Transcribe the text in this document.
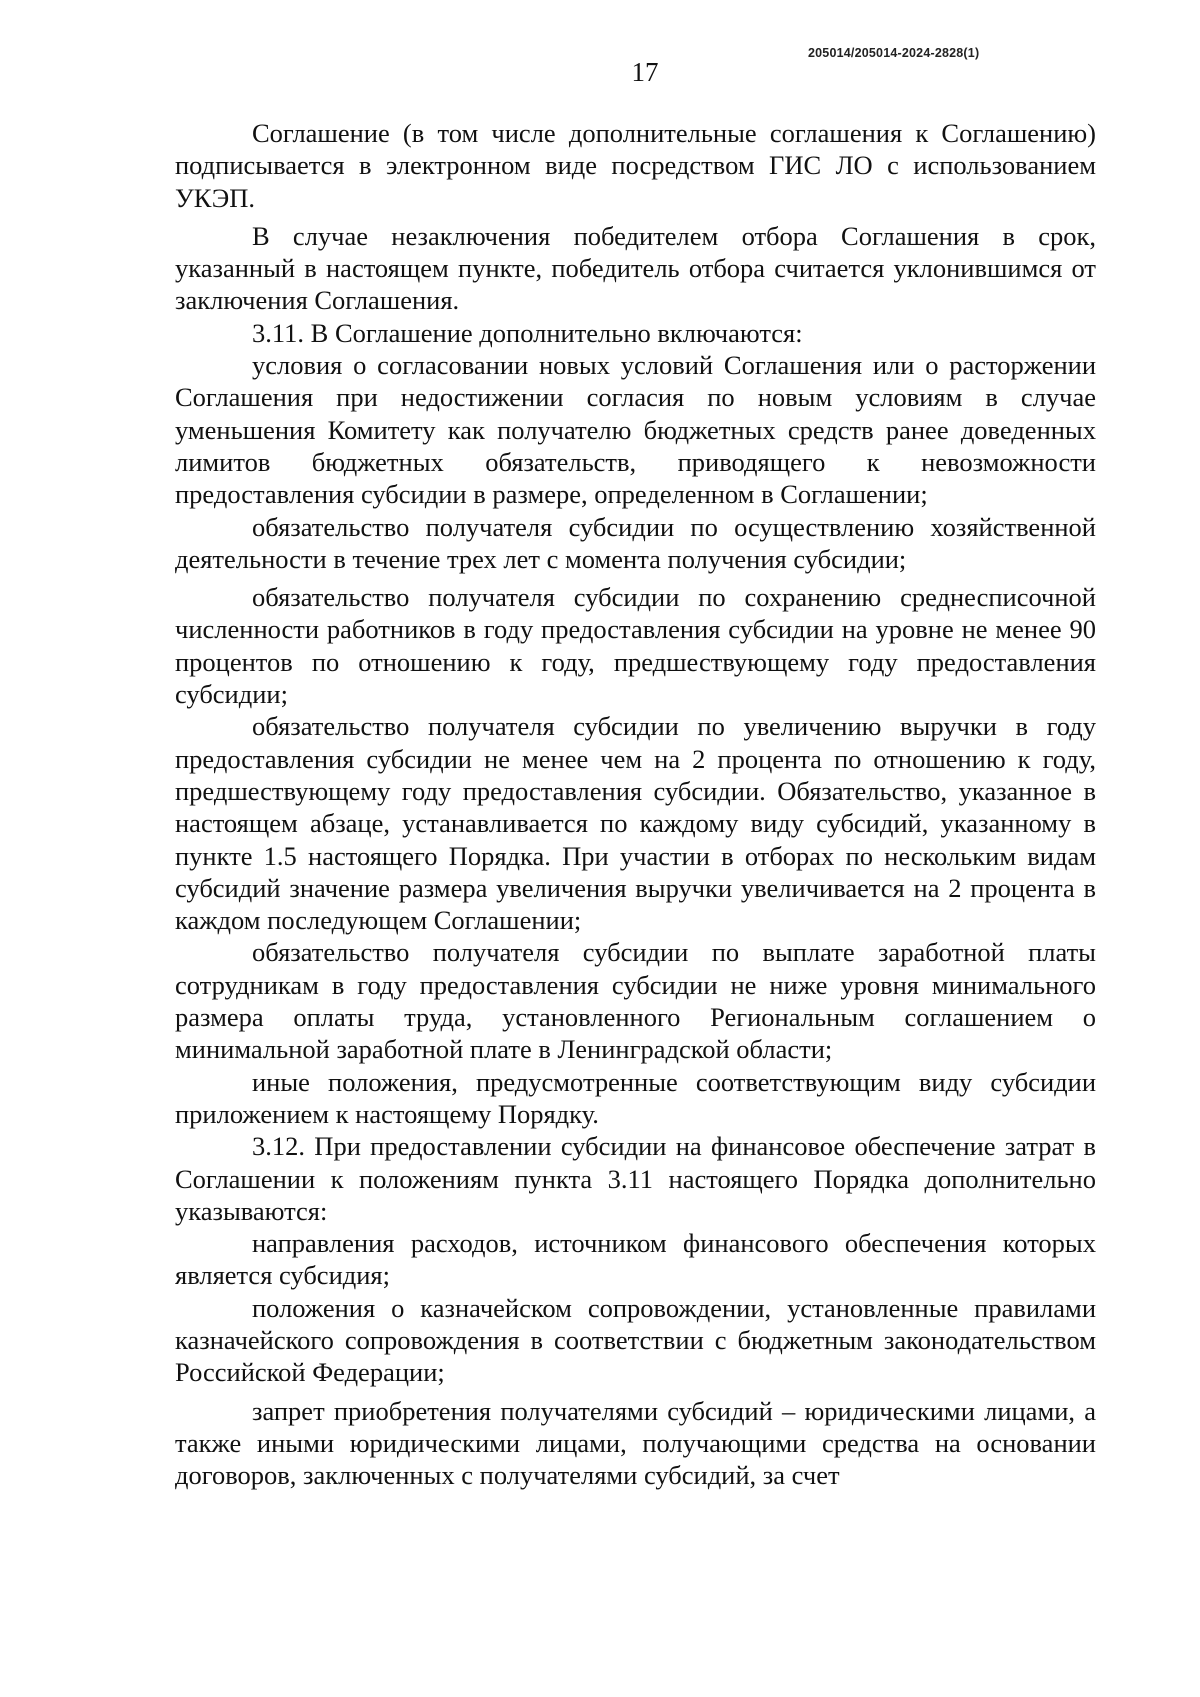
17
205014/205014-2024-2828(1)

Соглашение (в том числе дополнительные соглашения к Соглашению) подписывается в электронном виде посредством ГИС ЛО с использованием УКЭП.

В случае незаключения победителем отбора Соглашения в срок, указанный в настоящем пункте, победитель отбора считается уклонившимся от заключения Соглашения.

3.11. В Соглашение дополнительно включаются:

условия о согласовании новых условий Соглашения или о расторжении Соглашения при недостижении согласия по новым условиям в случае уменьшения Комитету как получателю бюджетных средств ранее доведенных лимитов бюджетных обязательств, приводящего к невозможности предоставления субсидии в размере, определенном в Соглашении;

обязательство получателя субсидии по осуществлению хозяйственной деятельности в течение трех лет с момента получения субсидии;

обязательство получателя субсидии по сохранению среднесписочной численности работников в году предоставления субсидии на уровне не менее 90 процентов по отношению к году, предшествующему году предоставления субсидии;

обязательство получателя субсидии по увеличению выручки в году предоставления субсидии не менее чем на 2 процента по отношению к году, предшествующему году предоставления субсидии. Обязательство, указанное в настоящем абзаце, устанавливается по каждому виду субсидий, указанному в пункте 1.5 настоящего Порядка. При участии в отборах по нескольким видам субсидий значение размера увеличения выручки увеличивается на 2 процента в каждом последующем Соглашении;

обязательство получателя субсидии по выплате заработной платы сотрудникам в году предоставления субсидии не ниже уровня минимального размера оплаты труда, установленного Региональным соглашением о минимальной заработной плате в Ленинградской области;

иные положения, предусмотренные соответствующим виду субсидии приложением к настоящему Порядку.

3.12. При предоставлении субсидии на финансовое обеспечение затрат в Соглашении к положениям пункта 3.11 настоящего Порядка дополнительно указываются:

направления расходов, источником финансового обеспечения которых является субсидия;

положения о казначейском сопровождении, установленные правилами казначейского сопровождения в соответствии с бюджетным законодательством Российской Федерации;

запрет приобретения получателями субсидий – юридическими лицами, а также иными юридическими лицами, получающими средства на основании договоров, заключенных с получателями субсидий, за счет
